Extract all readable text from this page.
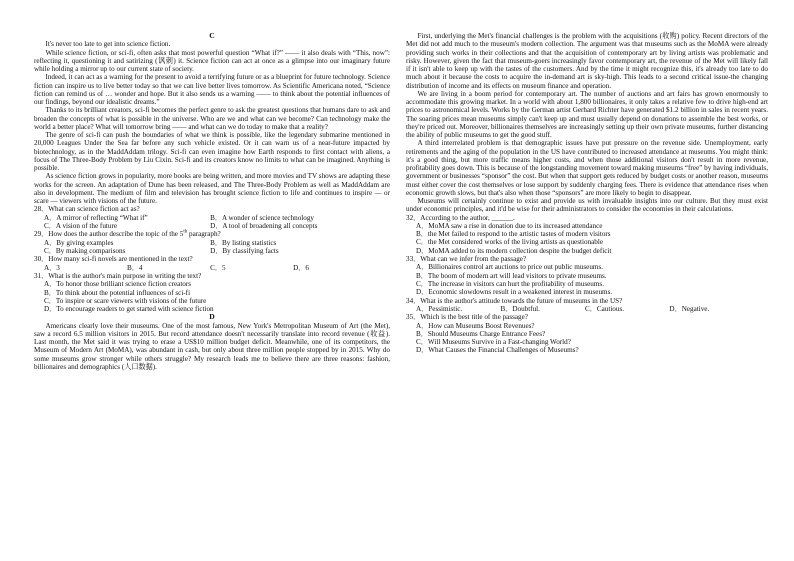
C

It's never too late to get into science fiction.

While science fiction, or sci-fi, often asks that most powerful question “What if?” —— it also deals with “This, now”: reflecting it, questioning it and satirizing (讽刺) it. Science fiction can act at once as a glimpse into our imaginary future while holding a mirror up to our current state of society.

Indeed, it can act as a warning for the present to avoid a terrifying future or as a blueprint for future technology. Science fiction can inspire us to live better today so that we can live better lives tomorrow. As Scientific Americana noted, “Science fiction can remind us of … wonder and hope. But it also sends us a warning —— to think about the potential influences of our findings, beyond our idealistic dreams.”

Thanks to its brilliant creators, sci-fi becomes the perfect genre to ask the greatest questions that humans dare to ask and broaden the concepts of what is possible in the universe. Who are we and what can we become? Can technology make the world a better place? What will tomorrow bring —— and what can we do today to make that a reality?

The genre of sci-fi can push the boundaries of what we think is possible, like the legendary submarine mentioned in 20,000 Leagues Under the Sea far before any such vehicle existed. Or it can warn us of a near-future impacted by biotechnology, as in the MaddAddam trilogy. Sci-fi can even imagine how Earth responds to first contact with aliens, a focus of The Three-Body Problem by Liu Cixin. Sci-fi and its creators know no limits to what can be imagined. Anything is possible.

As science fiction grows in popularity, more books are being written, and more movies and TV shows are adapting these works for the screen. An adaptation of Dune has been released, and The Three-Body Problem as well as MaddAddam are also in development. The medium of film and television has brought science fiction to life and continues to inspire — or scare — viewers with visions of the future.

28．What can science fiction act as?

A．A mirror of reflecting “What if”	B．A wonder of science technology
C．A vision of the future	D．A tool of broadening all concepts

29．How does the author describe the topic of the 5th paragraph?

A．By giving examples	B．By listing statistics
C．By making comparisons	D．By classifying facts

30．How many sci-fi novels are mentioned in the text?

A．3	B．4	C．5	D．6

31．What is the author's main purpose in writing the text?

A．To honor those brilliant science fiction creators
B．To think about the potential influences of sci-fi
C．To inspire or scare viewers with visions of the future
D．To encourage readers to get started with science fiction

D

Americans clearly love their museums. One of the most famous, New York's Metropolitan Museum of Art (the Met), saw a record 6.5 million visitors in 2015. But record attendance doesn't necessarily translate into record revenue (收益). Last month, the Met said it was trying to erase a US$10 million budget deficit. Meanwhile, one of its competitors, the Museum of Modern Art (MoMA), was abundant in cash, but only about three million people stopped by in 2015. Why do some museums grow stronger while others struggle? My research leads me to believe there are three reasons: fashion, billionaires and demographics (人口数据).

First, underlying the Met's financial challenges is the problem with the acquisitions (收购) policy. Recent directors of the Met did not add much to the museum's modern collection. The argument was that museums such as the MoMA were already providing such works in their collections and that the acquisition of contemporary art by living artists was problematic and risky. However, given the fact that museum-goers increasingly favor contemporary art, the revenue of the Met will likely fall if it isn't able to keep up with the tastes of the customers. And by the time it might recognize this, it's already too late to do much about it because the costs to acquire the in-demand art is sky-high. This leads to a second critical issue-the changing distribution of income and its effects on museum finance and operation.

We are living in a boom period for contemporary art. The number of auctions and art fairs has grown enormously to accommodate this growing market. In a world with about 1,800 billionaires, it only takes a relative few to drive high-end art prices to astronomical levels. Works by the German artist Gerhard Richter have generated $1.2 billion in sales in recent years. The soaring prices mean museums simply can't keep up and must usually depend on donations to assemble the best works, or they're priced out. Moreover, billionaires themselves are increasingly setting up their own private museums, further distancing the ability of public museums to get the good stuff.

A third interrelated problem is that demographic issues have put pressure on the revenue side. Unemployment, early retirements and the aging of the population in the US have contributed to increased attendance at museums. You might think: it's a good thing, but more traffic means higher costs, and when those additional visitors don't result in more revenue, profitability goes down. This is because of the longstanding movement toward making museums “free” by having individuals, government or businesses “sponsor” the cost. But when that support gets reduced by budget costs or another reason, museums must either cover the cost themselves or lose support by suddenly charging fees. There is evidence that attendance rises when economic growth slows, but that's also when those “sponsors” are more likely to begin to disappear.

Museums will certainly continue to exist and provide us with invaluable insights into our culture. But they must exist under economic principles, and it'd be wise for their administrators to consider the economies in their calculations.

32．According to the author, ______.

A．MoMA saw a rise in donation due to its increased attendance
B．the Met failed to respond to the artistic tastes of modern visitors
C．the Met considered works of the living artists as questionable
D．MoMA added to its modern collection despite the budget deficit

33．What can we infer from the passage?

A．Billionaires control art auctions to price out public museums.
B．The boom of modern art will lead visitors to private museums.
C．The increase in visitors can hurt the profitability of museums.
D．Economic slowdowns result in a weakened interest in museums.

34．What is the author's attitude towards the future of museums in the US?

A．Pessimistic.	B．Doubtful.	C．Cautious.	D．Negative.

35．Which is the best title of the passage?

A．How can Museums Boost Revenues?
B．Should Museums Charge Entrance Fees?
C．Will Museums Survive in a Fast-changing World?
D．What Causes the Financial Challenges of Museums?
